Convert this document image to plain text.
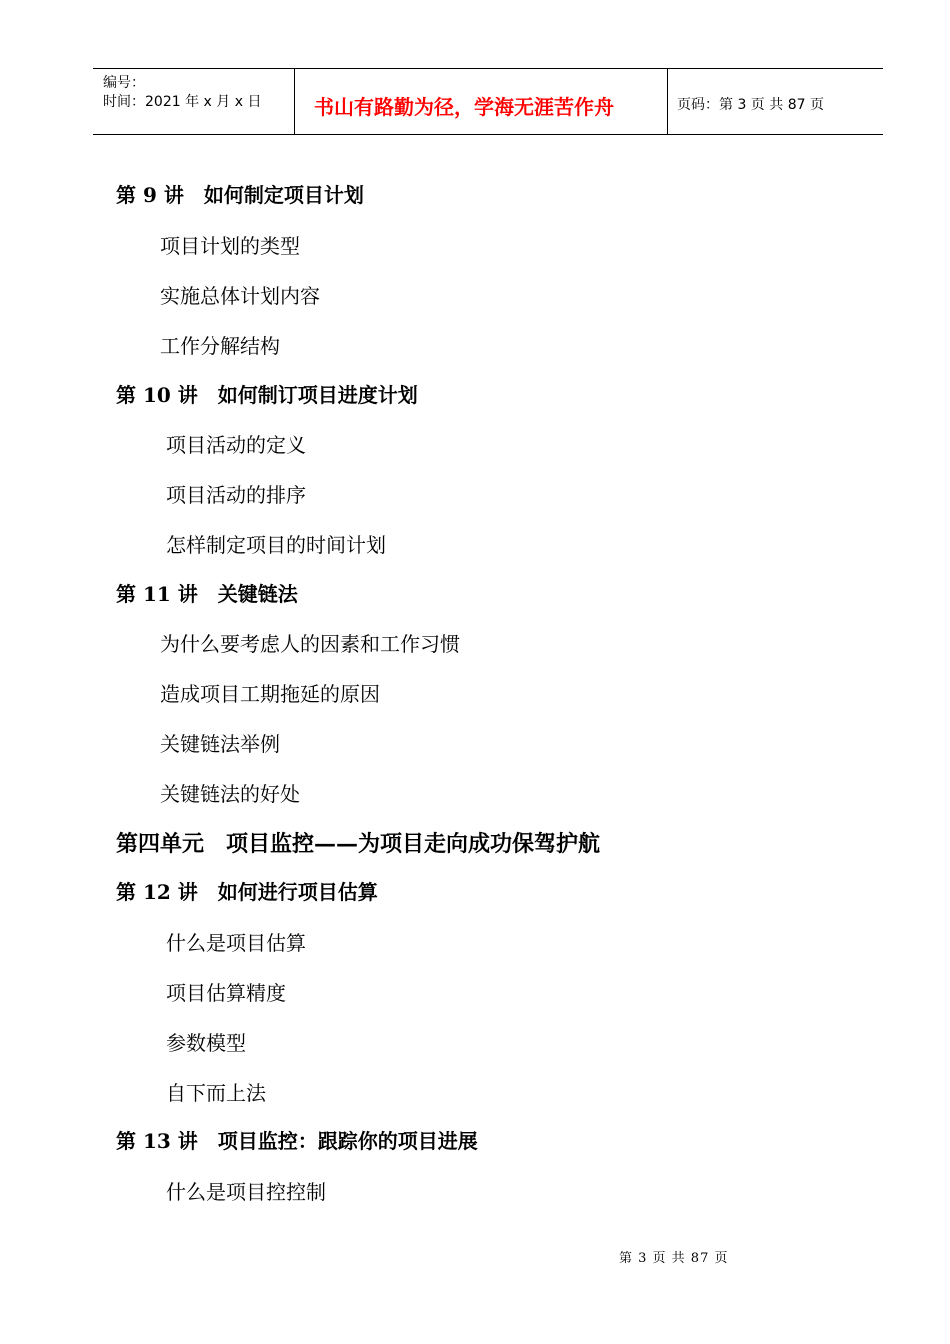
编号：
时间：2021 年 x 月 x 日	书山有路勤为径，学海无涯苦作舟	页码：第 3 页 共 87 页
第 9 讲　如何制定项目计划
项目计划的类型
实施总体计划内容
工作分解结构
第 10 讲　如何制订项目进度计划
项目活动的定义
项目活动的排序
怎样制定项目的时间计划
第 11 讲　关键链法
为什么要考虑人的因素和工作习惯
造成项目工期拖延的原因
关键链法举例
关键链法的好处
第四单元　项目监控——为项目走向成功保驾护航
第 12 讲　如何进行项目估算
什么是项目估算
项目估算精度
参数模型
自下而上法
第 13 讲　项目监控：跟踪你的项目进展
什么是项目控控制
第 3 页 共 87 页
